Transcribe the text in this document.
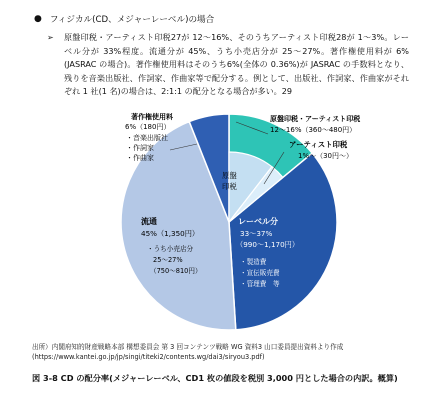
● フィジカル(CD、メジャーレーベル)の場合
➢ 原盤印税・アーティスト印税27が 12～16%、そのうちアーティスト印税28が 1～3%。レーベル分が 33%程度。流通分が 45%、うち小売店分が 25～27%。著作権使用料が 6%(JASRAC の場合)。著作権使用料はそのうち6%(全体の 0.36%)が JASRAC の手数料となり、残りを音楽出版社、作詞家、作曲家等で配分する。例として、出版社、作詞家、作曲家がそれぞれ 1 社(1 名)の場合は、2:1:1 の配分となる場合が多い。29
著作権使用料
6%（180円）
・音楽出版社
・作詞家
・作曲家
原盤印税・アーティスト印税
12～16%（360～480円）
アーティスト印税
1%～（30円～）
原盤
印税
流通
45%（1,350円）
・うち小売店分
25～27%
（750～810円）
レーベル分
33～37%
（990～1,170円）
・製造費
・宣伝販売費
・管理費　等
出所）内閣府知的財産戦略本部 構想委員会 第 3 回コンテンツ戦略 WG 資料3 山口委員提出資料より作成
(https://www.kantei.go.jp/jp/singi/titeki2/contents.wg/dai3/siryou3.pdf)
図 3-8 CD の配分率(メジャーレーベル、CD1 枚の値段を税別 3,000 円とした場合の内訳。概算)
